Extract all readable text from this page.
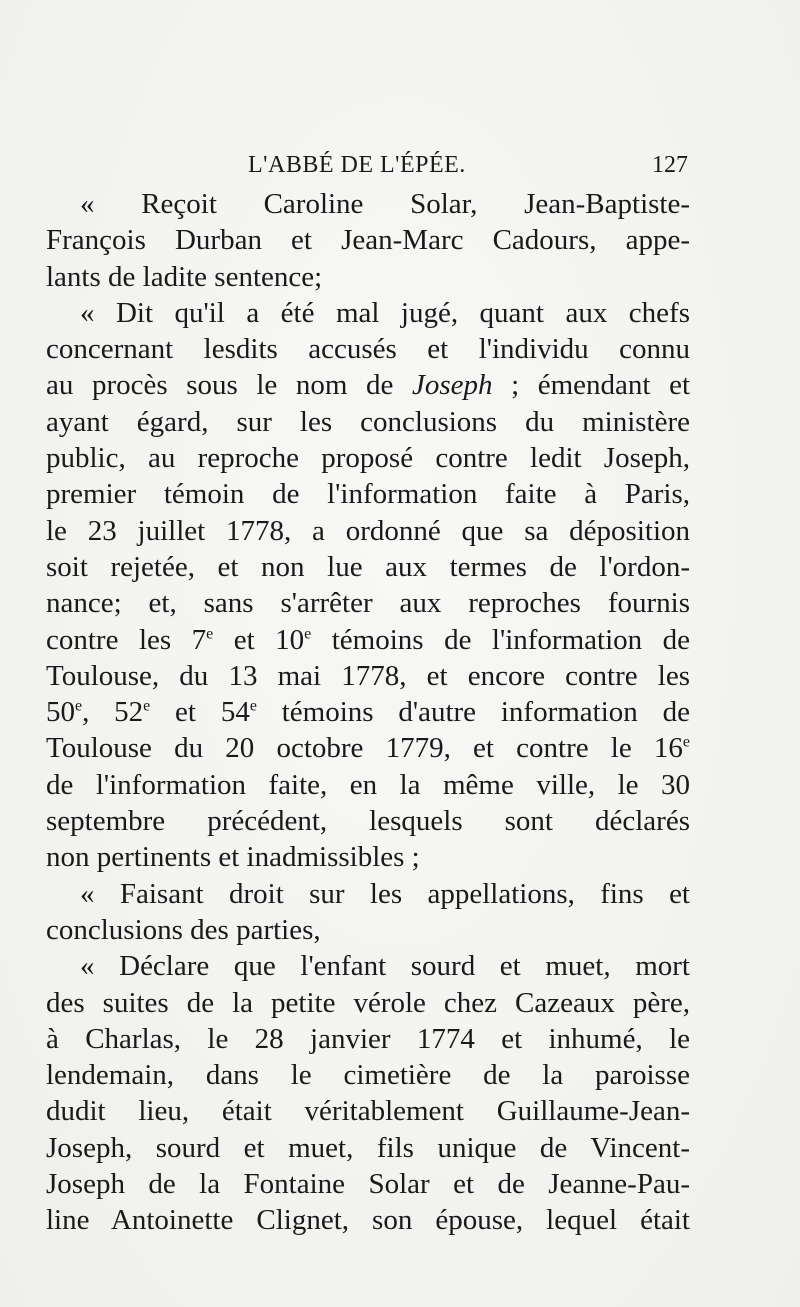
L'ABBÉ DE L'ÉPÉE.	127
« Reçoit Caroline Solar, Jean-Baptiste-
François Durban et Jean-Marc Cadours, appe-
lants de ladite sentence;
« Dit qu'il a été mal jugé, quant aux chefs
concernant lesdits accusés et l'individu connu
au procès sous le nom de Joseph ; émendant et
ayant égard, sur les conclusions du ministère
public, au reproche proposé contre ledit Joseph,
premier témoin de l'information faite à Paris,
le 23 juillet 1778, a ordonné que sa déposition
soit rejetée, et non lue aux termes de l'ordon-
nance; et, sans s'arrêter aux reproches fournis
contre les 7e et 10e témoins de l'information de
Toulouse, du 13 mai 1778, et encore contre les
50e, 52e et 54e témoins d'autre information de
Toulouse du 20 octobre 1779, et contre le 16e
de l'information faite, en la même ville, le 30
septembre précédent, lesquels sont déclarés
non pertinents et inadmissibles ;
« Faisant droit sur les appellations, fins et
conclusions des parties,
« Déclare que l'enfant sourd et muet, mort
des suites de la petite vérole chez Cazeaux père,
à Charlas, le 28 janvier 1774 et inhumé, le
lendemain, dans le cimetière de la paroisse
dudit lieu, était véritablement Guillaume-Jean-
Joseph, sourd et muet, fils unique de Vincent-
Joseph de la Fontaine Solar et de Jeanne-Pau-
line Antoinette Clignet, son épouse, lequel était
